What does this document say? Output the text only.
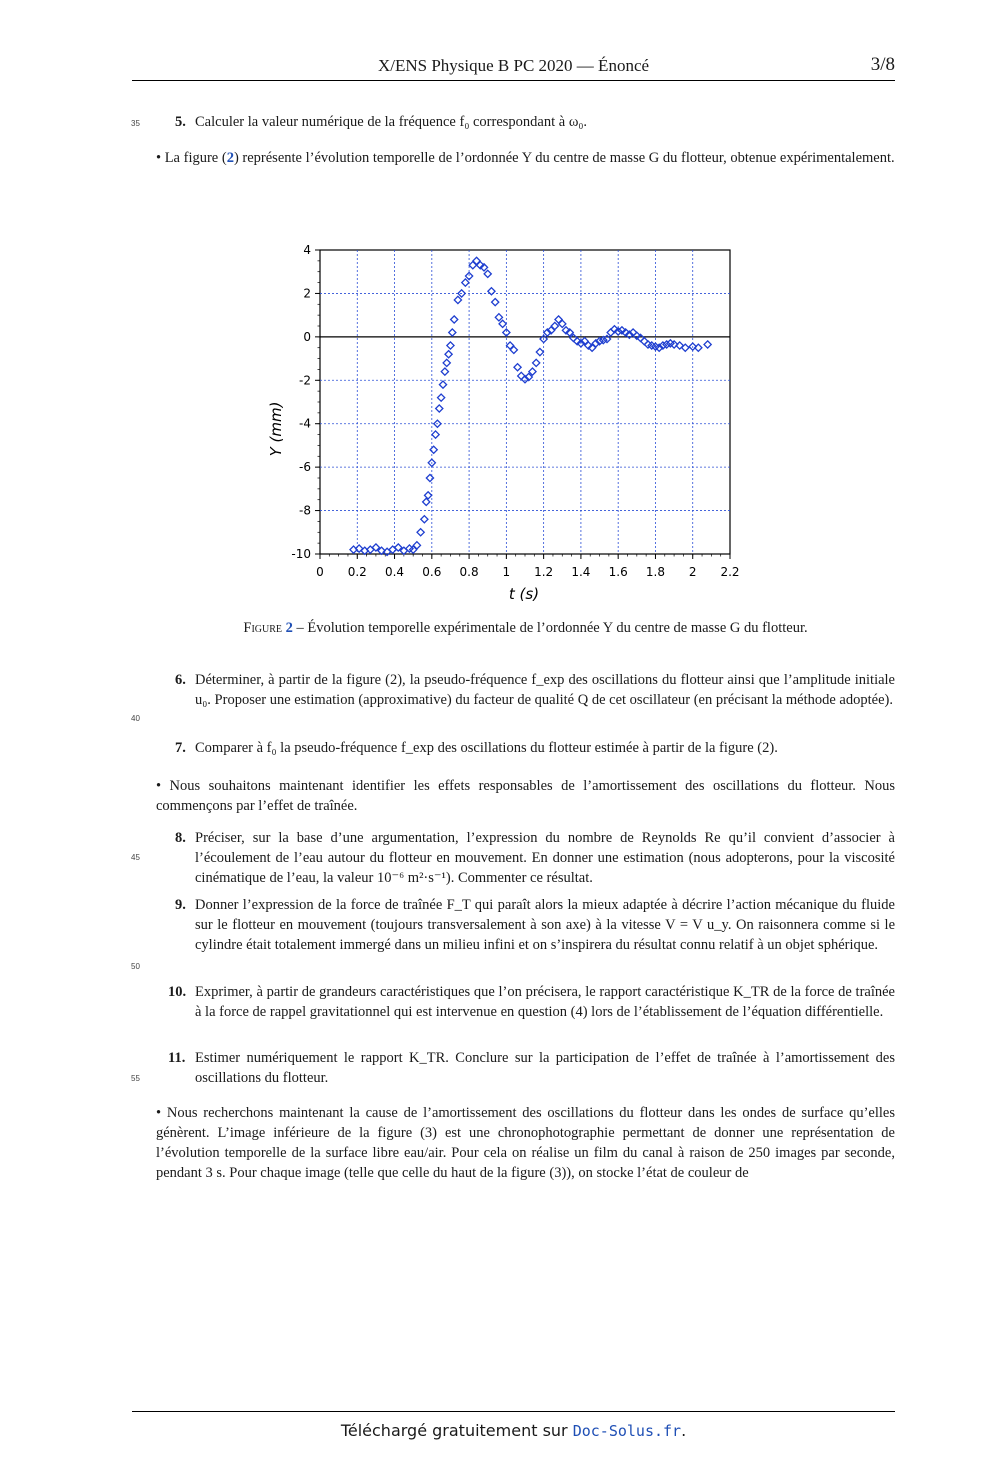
X/ENS Physique B PC 2020 — Énoncé	3/8
35
40
45
50
55
5. Calculer la valeur numérique de la fréquence f₀ correspondant à ω₀.

• La figure (2) représente l’évolution temporelle de l’ordonnée Y du centre de masse G du flotteur, obtenue expérimentalement.
0 0.2 0.4 0.6 0.8 1 1.2 1.4 1.6 1.8 2 2.2
-10
-8
-6
-4
-2
0
2
4
t (s)
Y (mm)
Figure 2 – Évolution temporelle expérimentale de l’ordonnée Y du centre de masse G du flotteur.
6. Déterminer, à partir de la figure (2), la pseudo-fréquence f_exp des oscillations du flotteur ainsi que l’amplitude initiale u₀. Proposer une estimation (approximative) du facteur de qualité Q de cet oscillateur (en précisant la méthode adoptée).

7. Comparer à f₀ la pseudo-fréquence f_exp des oscillations du flotteur estimée à partir de la figure (2).

• Nous souhaitons maintenant identifier les effets responsables de l’amortissement des oscillations du flotteur. Nous commençons par l’effet de traînée.
8. Préciser, sur la base d’une argumentation, l’expression du nombre de Reynolds Re qu’il convient d’associer à l’écoulement de l’eau autour du flotteur en mouvement. En donner une estimation (nous adopterons, pour la viscosité cinématique de l’eau, la valeur 10⁻⁶ m²·s⁻¹). Commenter ce résultat.

9. Donner l’expression de la force de traînée F_T qui paraît alors la mieux adaptée à décrire l’action mécanique du fluide sur le flotteur en mouvement (toujours transversalement à son axe) à la vitesse V = V u_y. On raisonnera comme si le cylindre était totalement immergé dans un milieu infini et on s’inspirera du résultat connu relatif à un objet sphérique.

10. Exprimer, à partir de grandeurs caractéristiques que l’on précisera, le rapport caractéristique K_TR de la force de traînée à la force de rappel gravitationnel qui est intervenue en question (4) lors de l’établissement de l’équation différentielle.

11. Estimer numériquement le rapport K_TR. Conclure sur la participation de l’effet de traînée à l’amortissement des oscillations du flotteur.

• Nous recherchons maintenant la cause de l’amortissement des oscillations du flotteur dans les ondes de surface qu’elles génèrent. L’image inférieure de la figure (3) est une chronophotographie permettant de donner une représentation de l’évolution temporelle de la surface libre eau/air. Pour cela on réalise un film du canal à raison de 250 images par seconde, pendant 3 s. Pour chaque image (telle que celle du haut de la figure (3)), on stocke l’état de couleur de
Téléchargé gratuitement sur Doc-Solus.fr.
